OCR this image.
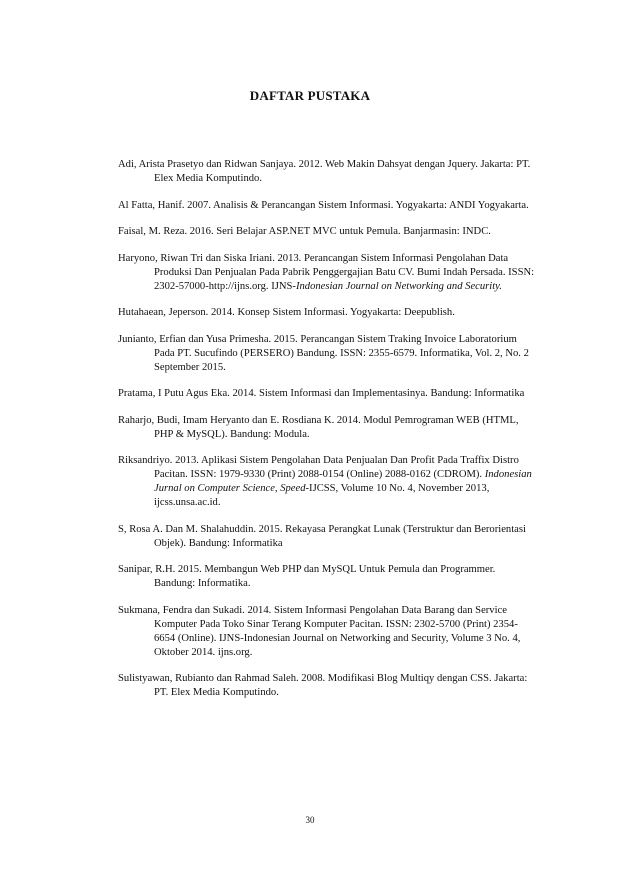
DAFTAR PUSTAKA

Adi, Arista Prasetyo dan Ridwan Sanjaya. 2012. Web Makin Dahsyat dengan Jquery. Jakarta: PT. Elex Media Komputindo.

Al Fatta, Hanif. 2007. Analisis & Perancangan Sistem Informasi. Yogyakarta: ANDI Yogyakarta.

Faisal, M. Reza. 2016. Seri Belajar ASP.NET MVC untuk Pemula. Banjarmasin: INDC.

Haryono, Riwan Tri dan Siska Iriani. 2013. Perancangan Sistem Informasi Pengolahan Data Produksi Dan Penjualan Pada Pabrik Penggergajian Batu CV. Bumi Indah Persada. ISSN: 2302-57000-http://ijns.org. IJNS-Indonesian Journal on Networking and Security.

Hutahaean, Jeperson. 2014. Konsep Sistem Informasi. Yogyakarta: Deepublish.

Junianto, Erfian dan Yusa Primesha. 2015. Perancangan Sistem Traking Invoice Laboratorium Pada PT. Sucufindo (PERSERO) Bandung. ISSN: 2355-6579. Informatika, Vol. 2, No. 2 September 2015.

Pratama, I Putu Agus Eka. 2014. Sistem Informasi dan Implementasinya. Bandung: Informatika

Raharjo, Budi, Imam Heryanto dan E. Rosdiana K. 2014. Modul Pemrograman WEB (HTML, PHP & MySQL). Bandung: Modula.

Riksandriyo. 2013. Aplikasi Sistem Pengolahan Data Penjualan Dan Profit Pada Traffix Distro Pacitan. ISSN: 1979-9330 (Print) 2088-0154 (Online) 2088-0162 (CDROM). Indonesian Jurnal on Computer Science, Speed-IJCSS, Volume 10 No. 4, November 2013, ijcss.unsa.ac.id.

S, Rosa A. Dan M. Shalahuddin. 2015. Rekayasa Perangkat Lunak (Terstruktur dan Berorientasi Objek). Bandung: Informatika

Sanipar, R.H. 2015. Membangun Web PHP dan MySQL Untuk Pemula dan Programmer. Bandung: Informatika.

Sukmana, Fendra dan Sukadi. 2014. Sistem Informasi Pengolahan Data Barang dan Service Komputer Pada Toko Sinar Terang Komputer Pacitan. ISSN: 2302-5700 (Print) 2354-6654 (Online). IJNS-Indonesian Journal on Networking and Security, Volume 3 No. 4, Oktober 2014. ijns.org.

Sulistyawan, Rubianto dan Rahmad Saleh. 2008. Modifikasi Blog Multiqy dengan CSS. Jakarta: PT. Elex Media Komputindo.

30
